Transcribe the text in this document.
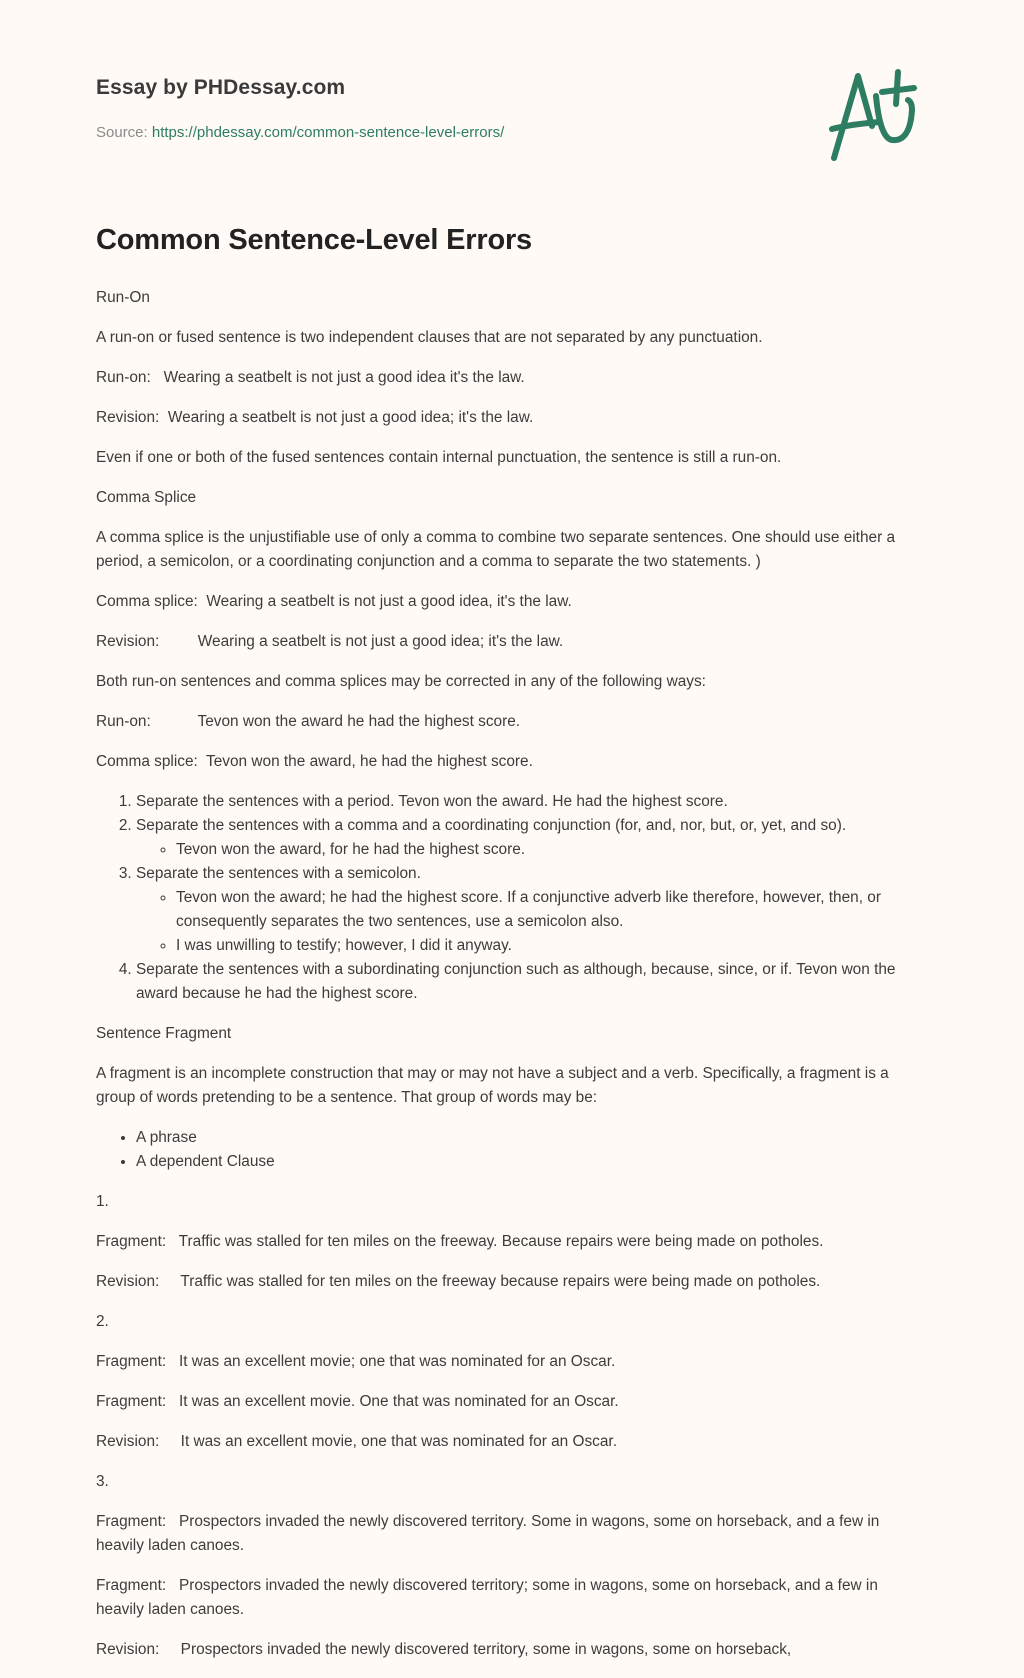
Essay by PHDessay.com
Source: https://phdessay.com/common-sentence-level-errors/
Common Sentence-Level Errors

Run-On

A run-on or fused sentence is two independent clauses that are not separated by any punctuation.

Run-on:   Wearing a seatbelt is not just a good idea it's the law.

Revision:  Wearing a seatbelt is not just a good idea; it's the law.

Even if one or both of the fused sentences contain internal punctuation, the sentence is still a run-on.

Comma Splice

A comma splice is the unjustifiable use of only a comma to combine two separate sentences. One should use either a period, a semicolon, or a coordinating conjunction and a comma to separate the two statements. )

Comma splice:  Wearing a seatbelt is not just a good idea, it's the law.

Revision:         Wearing a seatbelt is not just a good idea; it's the law.

Both run-on sentences and comma splices may be corrected in any of the following ways:

Run-on:           Tevon won the award he had the highest score.

Comma splice:  Tevon won the award, he had the highest score.

1. Separate the sentences with a period. Tevon won the award. He had the highest score.
2. Separate the sentences with a comma and a coordinating conjunction (for, and, nor, but, or, yet, and so).
◦ Tevon won the award, for he had the highest score.
3. Separate the sentences with a semicolon.
◦ Tevon won the award; he had the highest score. If a conjunctive adverb like therefore, however, then, or consequently separates the two sentences, use a semicolon also.
◦ I was unwilling to testify; however, I did it anyway.
4. Separate the sentences with a subordinating conjunction such as although, because, since, or if. Tevon won the award because he had the highest score.

Sentence Fragment

A fragment is an incomplete construction that may or may not have a subject and a verb. Specifically, a fragment is a group of words pretending to be a sentence. That group of words may be:

• A phrase
• A dependent Clause

1.

Fragment:   Traffic was stalled for ten miles on the freeway. Because repairs were being made on potholes.

Revision:     Traffic was stalled for ten miles on the freeway because repairs were being made on potholes.

2.

Fragment:   It was an excellent movie; one that was nominated for an Oscar.

Fragment:   It was an excellent movie. One that was nominated for an Oscar.

Revision:     It was an excellent movie, one that was nominated for an Oscar.

3.

Fragment:   Prospectors invaded the newly discovered territory. Some in wagons, some on horseback, and a few in heavily laden canoes.

Fragment:   Prospectors invaded the newly discovered territory; some in wagons, some on horseback, and a few in heavily laden canoes.

Revision:     Prospectors invaded the newly discovered territory, some in wagons, some on horseback,
